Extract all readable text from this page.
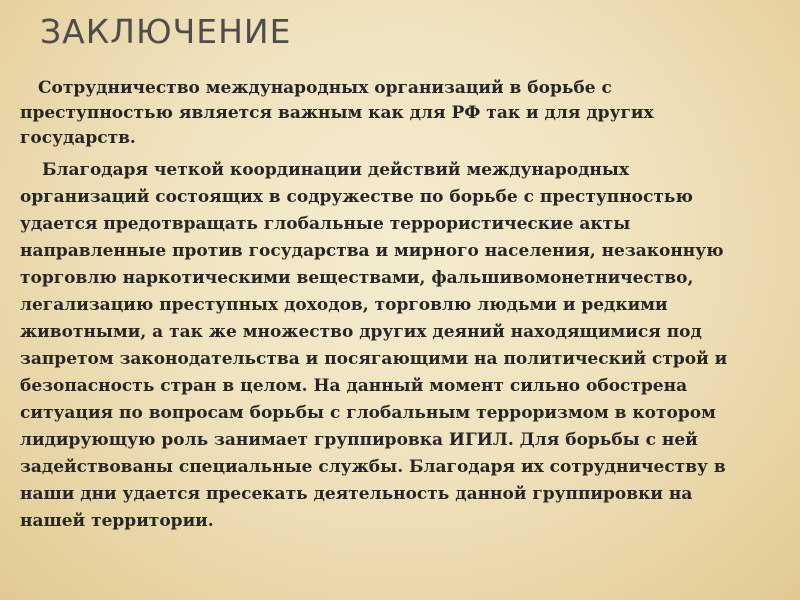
ЗАКЛЮЧЕНИЕ

Сотрудничество международных организаций в борьбе с преступностью является важным как для РФ так и для других государств.

Благодаря четкой координации действий международных организаций состоящих в содружестве по борьбе с преступностью удается предотвращать глобальные террористические акты направленные против государства и мирного населения, незаконную торговлю наркотическими веществами, фальшивомонетничество, легализацию преступных доходов, торговлю людьми и редкими животными, а так же множество других деяний находящимися под запретом законодательства и посягающими на политический строй и безопасность стран в целом. На данный момент сильно обострена ситуация по вопросам борьбы с глобальным терроризмом в котором лидирующую роль занимает группировка ИГИЛ. Для борьбы с ней задействованы специальные службы. Благодаря их сотрудничеству в наши дни удается пресекать деятельность данной группировки на нашей территории.
